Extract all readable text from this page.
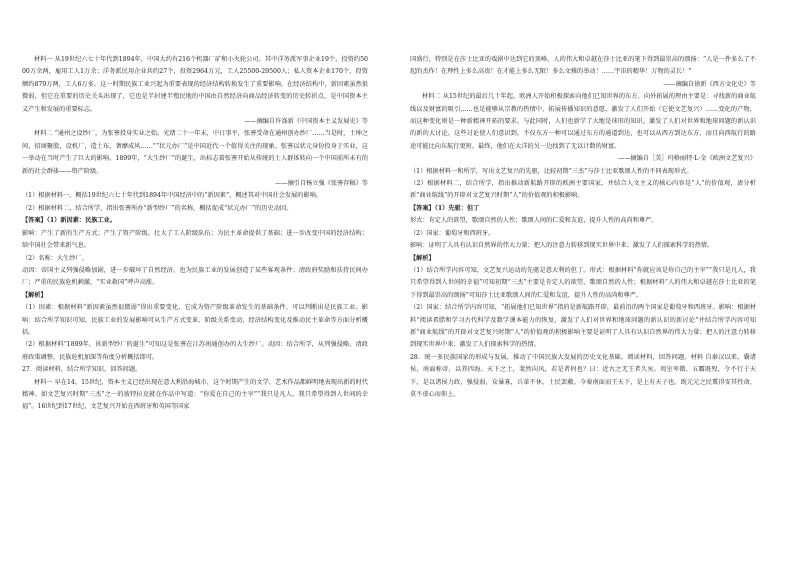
材料一 从19世纪六七十年代到1894年，中国大约有216个机器厂矿和小火轮公司。其中洋务派军事企业19个，投资约5000万余两，雇用工人1万余；洋务派民用企业共约27个，投资2964万元，工人25500-29500人；私人资本企业170个，投资额约879万两，工人6万多。这一时期民族工业兴起为重要表现的经济结构转换发生了重要影响。在经济结构中，新因素虽然很微弱，但它在重要的历史关头出现了，它也是半封建半殖民地的中国由自然经济向商品经济转变的历史转折点，是中国资本主义产生和发展的重要标志。

——摘编自许涤新《中国资本主义发展史》等

材料二 “通州之设纱厂，为张謇投身实业之始。光绪二十一年末，中日事平，张謇受命在通州创办纱厂……当是时，士绅之间，招商聚股，设机厂，造土布，奢靡成风……”“状元办厂”是中国近代一个值得关注的现象。张謇以状元身份投身于实业，这一举动在当时产生了巨大的影响。1899年，“大生纱厂”的诞生，出标志着张謇开始从传统的士人群体转向一个中国前所未有的新的社会群体——资产阶级。

——摘引自杨立强《张謇存稿》等

（1）根据材料一，概括19世纪六七十年代到1894年中国经济中的“新因素”，概述其对中国社会发展的影响。

（2）根据材料二，结合所学，指出张謇所办“新型纱厂”的名称，概括促成“状元办厂”的历史动因。

【答案】（1）新因素：民族工业。

影响：产生了新的生产方式；产生了资产阶级，壮大了工人阶级队伍；为民主革命提供了基础；进一步改变中国的经济结构；给中国社会带来新气息。

（2）名称：大生纱厂。

动因：帝国主义列强侵略加剧，进一步破坏了自然经济，也为民族工业的发展创造了某些客观条件；清政府奖励和扶持民间办厂；严重的民族危机刺激，“实业救国”呼声高涨。

【解析】

（1）因素：根据材料“新因素虽然很微弱”得出重要变化，它成为资产阶级革命发生的基础条件，可以判断出是民族工业。影响：结合所学知识可知，民族工业的发展影响可从生产方式变革、阶级关系变动、经济结构变化及推动民主革命等方面分析概括。

（2）根据材料“1899年，该新型纱厂的诞生”可知这是张謇在江苏南通创办的大生纱厂。动因：结合所学，从列强侵略、清政府政策调整、民族危机加深等角度分析概括即可。

27．阅读材料，结合所学知识，回答问题。

材料一 早在14、15世纪，资本主义已经出现在意大利沿海城市，这个时期产生的文学、艺术作品都鲜明地表现出新的时代精神。如文艺复兴时期“三杰”之一的彼特拉克就在作品中写道：“你爱在自己的主宰”“我只是凡人，我只希望得到人世间的幸福”。16世纪到17世纪，文艺复兴开始在西班牙和英国等国家

国盛行，特别是在莎士比亚的戏剧中达到它的顶峰。人的伟大和卓越在莎士比亚的笔下得到最崇高的颂扬：“人是一件多么了不起的杰作！在理性上多么高贵！在才能上多么无限！多么文雅的举动！……宇宙的精华！万物的灵长！”

——摘编自徐新《西方文化史》等

材料二 从15世纪的最后几十年起，欧洲人开始积极探索向他们已知世界的东方、向外拓展的理由主要是：寻找新的商业航线以及财富的吸引……也是能够从宗教的热情中，拓展传播知识的意愿，激发了人们开始（它使文艺复兴）……变化的产物，而这种变化则是一种新精神开拓的要求。与此同时，人们也新学了大地是球形的知识，激发了人们对世界和地球问题的新认识的新的大讨论。这些讨论使人们意识到，不仅东方一种可以通过东方的通道到达，也可以从西方到达东方，而且向西航行的路途可能比向东航行更短。最终，他们在大洋的另一边找到了无以计数的财富。

——摘编自［美］玛格丽特·L·金《欧洲文艺复兴》

（1）根据材料一和所学，写出文艺复兴的先驱，比较初期“三杰”与莎士比亚歌颂人性的不同表现形式。

（2）根据材料二，结合所学，指出推动新航路开辟的欧洲主要国家，并结合人文主义的核心内容是“人”的价值观，请分析新“商业航线”的开辟对文艺复兴时期“人”的价值观的积极影响。

【答案】（1）先驱：但丁

形式：肯定人的欲望，歌颂自然的人性；歌颂人间的仁爱和友谊，提升人性的高尚和尊严。

（2）国家：葡萄牙和西班牙。

影响：证明了人具有认识自然界的伟大力量；把人的注意力转移到现实世界中来；激发了人们探索科学的热情。

【解析】

（1）结合所学内容可知，文艺复兴运动的先驱是意大利的但丁。形式：根据材料“你就应该是你自己的主宰”“我只是凡人，我只希望得到人世间的幸福”可知初期“三杰”主要是肯定人的欲望，歌颂自然的人性；根据材料“人的伟大和卓越在莎士比亚的笔下得到最崇高的颂扬”可知莎士比亚歌颂人间的仁爱和友谊，提升人性的高尚和尊严。

（2）国家：结合所学内容可知，“拓展他们已知世界”指的是新航路开辟，最前沿的两个国家是葡萄牙和西班牙。影响：根据材料“阅读希腊和学习古代科学及数学课本能力的恢复，激发了人们对世界和地球问题的新认识的新讨论”并结合所学内容可知新“商业航线”的开辟对文艺复兴时期“人”的价值观的积极影响主要是证明了人具有认识自然界的伟大力量；把人的注意力转移到现实世界中来；激发了人们探索科学的热情。

28．统一多民族国家的形成与发展，推动了中国民族大发展的历史文化基础。阅读材料，回答问题。材料 自秦汉以来，囊诸侯，南面称帝，以养四海。天下之士，斐然向风，若是者何也？曰：近古之无王者久矣。周室卑微，五霸既殁，令不行于天下，是以诸侯力政，强侵弱，众暴寡，兵革不休，士民罢敝。今秦南面而王天下，是上有天子也。既元元之民冀得安其性命，莫不虚心而仰上。
